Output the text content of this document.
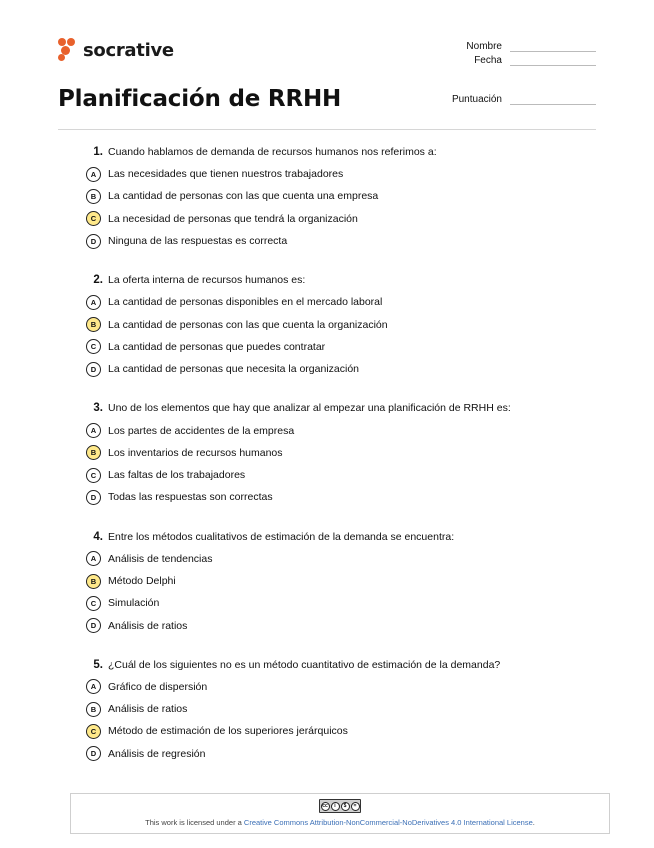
socrative	Nombre
Fecha
Puntuación
Planificación de RRHH
1. Cuando hablamos de demanda de recursos humanos nos referimos a:
A	Las necesidades que tienen nuestros trabajadores
B	La cantidad de personas con las que cuenta una empresa
C	La necesidad de personas que tendrá la organización
D	Ninguna de las respuestas es correcta
2. La oferta interna de recursos humanos es:
A	La cantidad de personas disponibles en el mercado laboral
B	La cantidad de personas con las que cuenta la organización
C	La cantidad de personas que puedes contratar
D	La cantidad de personas que necesita la organización
3. Uno de los elementos que hay que analizar al empezar una planificación de RRHH es:
A	Los partes de accidentes de la empresa
B	Los inventarios de recursos humanos
C	Las faltas de los trabajadores
D	Todas las respuestas son correctas
4. Entre los métodos cualitativos de estimación de la demanda se encuentra:
A	Análisis de tendencias
B	Método Delphi
C	Simulación
D	Análisis de ratios
5. ¿Cuál de los siguientes no es un método cuantitativo de estimación de la demanda?
A	Gráfico de dispersión
B	Análisis de ratios
C	Método de estimación de los superiores jerárquicos
D	Análisis de regresión
cc	i	$	=
This work is licensed under a Creative Commons Attribution-NonCommercial-NoDerivatives 4.0 International License.
